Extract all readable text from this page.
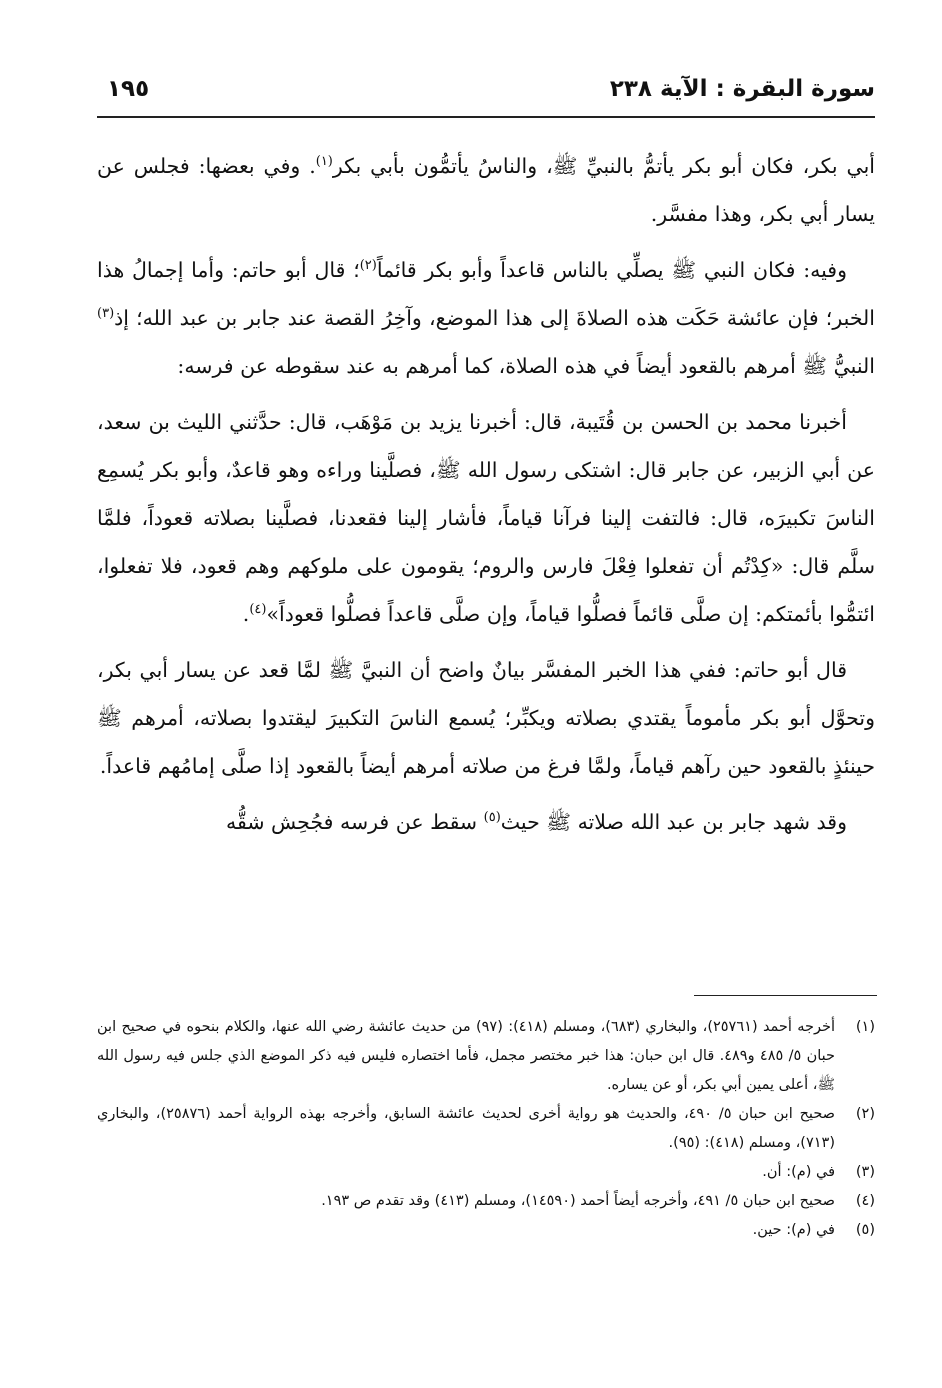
سورة البقرة : الآية ٢٣٨
١٩٥

أبي بكر، فكان أبو بكر يأتمُّ بالنبيِّ ﷺ، والناسُ يأتمُّون بأبي بكر$^{(١)}$. وفي بعضها: فجلس عن يسار أبي بكر، وهذا مفسَّر.

وفيه: فكان النبي ﷺ يصلِّي بالناس قاعداً وأبو بكر قائماً$^{(٢)}$؛ قال أبو حاتم: وأما إجمالُ هذا الخبر؛ فإن عائشة حَكَت هذه الصلاةَ إلى هذا الموضع، وآخِرُ القصة عند جابر بن عبد الله؛ إذ$^{(٣)}$ النبيُّ ﷺ أمرهم بالقعود أيضاً في هذه الصلاة، كما أمرهم به عند سقوطه عن فرسه:

أخبرنا محمد بن الحسن بن قُتَيبة، قال: أخبرنا يزيد بن مَوْهَب، قال: حدَّثني الليث بن سعد، عن أبي الزبير، عن جابر قال: اشتكى رسول الله ﷺ، فصلَّينا وراءه وهو قاعدٌ، وأبو بكر يُسمِع الناسَ تكبيرَه، قال: فالتفت إلينا فرآنا قياماً، فأشار إلينا فقعدنا، فصلَّينا بصلاته قعوداً، فلمَّا سلَّم قال: «كِدْتُم أن تفعلوا فِعْلَ فارس والروم؛ يقومون على ملوكهم وهم قعود، فلا تفعلوا، ائتمُّوا بأئمتكم: إن صلَّى قائماً فصلُّوا قياماً، وإن صلَّى قاعداً فصلُّوا قعوداً»$^{(٤)}$.

قال أبو حاتم: ففي هذا الخبر المفسَّر بيانٌ واضح أن النبيَّ ﷺ لمَّا قعد عن يسار أبي بكر، وتحوَّل أبو بكر مأموماً يقتدي بصلاته ويكبِّر؛ يُسمع الناسَ التكبيرَ ليقتدوا بصلاته، أمرهم ﷺ حينئذٍ بالقعود حين رآهم قياماً، ولمَّا فرغ من صلاته أمرهم أيضاً بالقعود إذا صلَّى إمامُهم قاعداً.

وقد شهد جابر بن عبد الله صلاته ﷺ حيث$^{(٥)}$ سقط عن فرسه فجُحِش شقُّه

(١)
أخرجه أحمد (٢٥٧٦١)، والبخاري (٦٨٣)، ومسلم (٤١٨): (٩٧) من حديث عائشة رضي الله عنها، والكلام بنحوه في صحيح ابن حبان ٥/ ٤٨٥ و٤٨٩. قال ابن حبان: هذا خبر مختصر مجمل، فأما اختصاره فليس فيه ذكر الموضع الذي جلس فيه رسول الله ﷺ، أعلى يمين أبي بكر، أو عن يساره.
(٢)
صحيح ابن حبان ٥/ ٤٩٠، والحديث هو رواية أخرى لحديث عائشة السابق، وأخرجه بهذه الرواية أحمد (٢٥٨٧٦)، والبخاري (٧١٣)، ومسلم (٤١٨): (٩٥).
(٣)
في (م): أن.
(٤)
صحيح ابن حبان ٥/ ٤٩١، وأخرجه أيضاً أحمد (١٤٥٩٠)، ومسلم (٤١٣) وقد تقدم ص ١٩٣.
(٥)
في (م): حين.
